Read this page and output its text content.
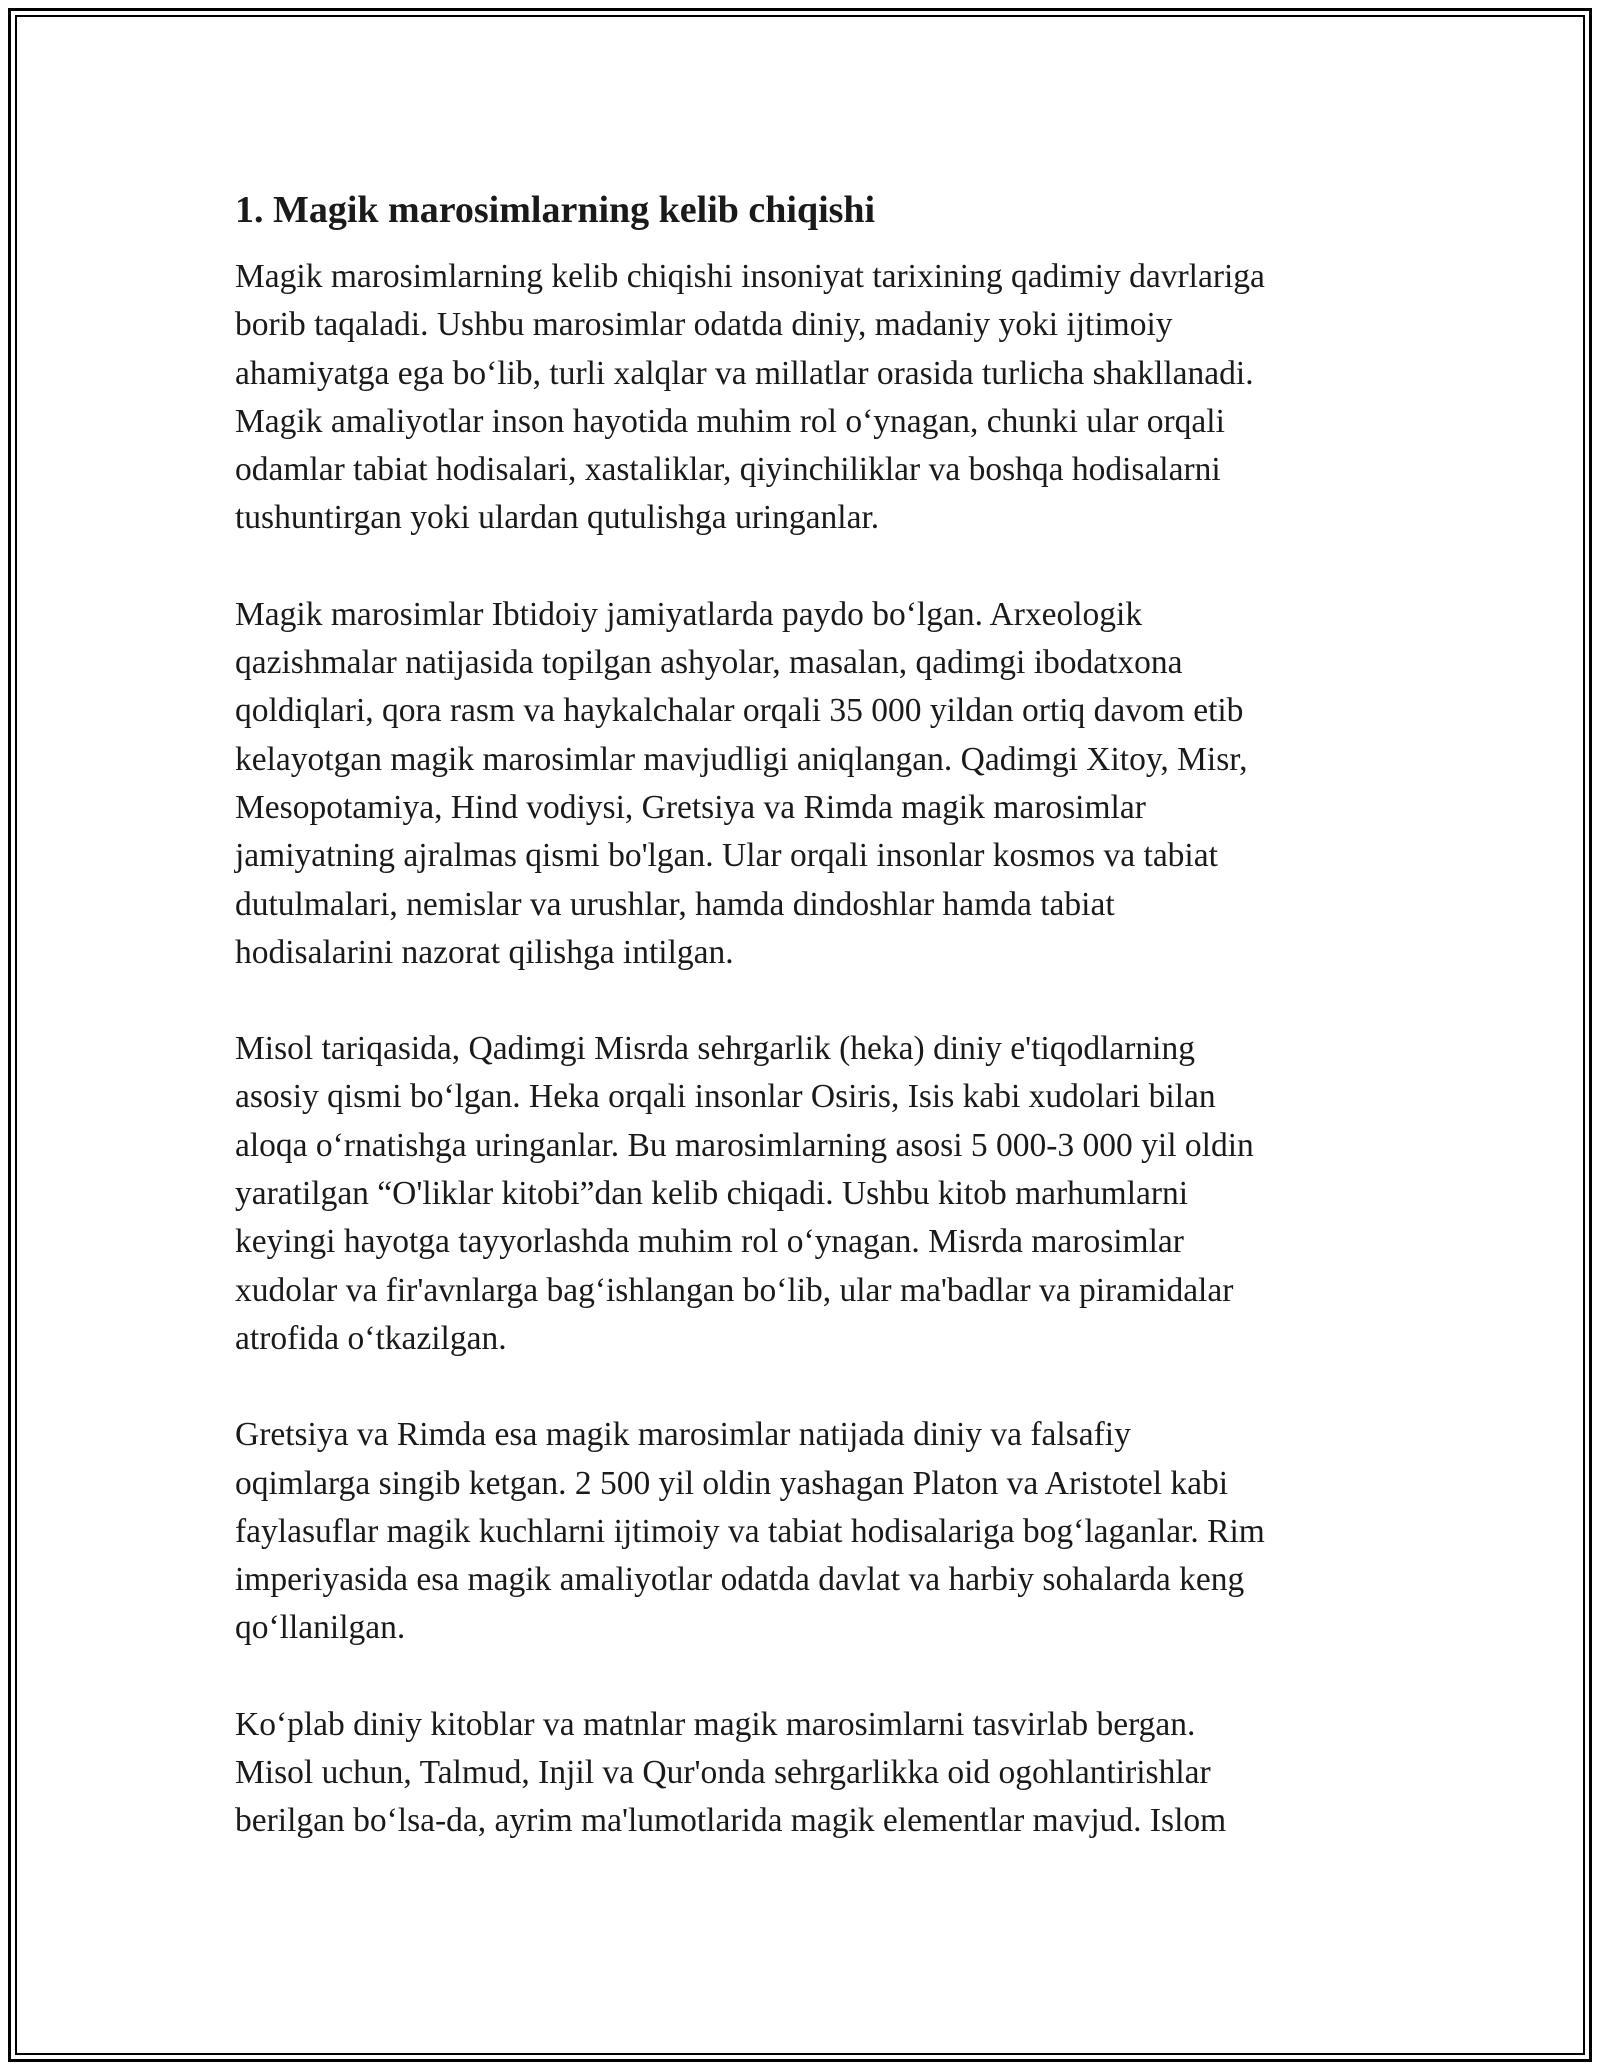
1. Magik marosimlarning kelib chiqishi

Magik marosimlarning kelib chiqishi insoniyat tarixining qadimiy davrlariga
borib taqaladi. Ushbu marosimlar odatda diniy, madaniy yoki ijtimoiy
ahamiyatga ega bo‘lib, turli xalqlar va millatlar orasida turlicha shakllanadi.
Magik amaliyotlar inson hayotida muhim rol o‘ynagan, chunki ular orqali
odamlar tabiat hodisalari, xastaliklar, qiyinchiliklar va boshqa hodisalarni
tushuntirgan yoki ulardan qutulishga uringanlar.

Magik marosimlar Ibtidoiy jamiyatlarda paydo bo‘lgan. Arxeologik
qazishmalar natijasida topilgan ashyolar, masalan, qadimgi ibodatxona
qoldiqlari, qora rasm va haykalchalar orqali 35 000 yildan ortiq davom etib
kelayotgan magik marosimlar mavjudligi aniqlangan. Qadimgi Xitoy, Misr,
Mesopotamiya, Hind vodiysi, Gretsiya va Rimda magik marosimlar
jamiyatning ajralmas qismi bo'lgan. Ular orqali insonlar kosmos va tabiat
dutulmalari, nemislar va urushlar, hamda dindoshlar hamda tabiat
hodisalarini nazorat qilishga intilgan.

Misol tariqasida, Qadimgi Misrda sehrgarlik (heka) diniy e'tiqodlarning
asosiy qismi bo‘lgan. Heka orqali insonlar Osiris, Isis kabi xudolari bilan
aloqa o‘rnatishga uringanlar. Bu marosimlarning asosi 5 000-3 000 yil oldin
yaratilgan “O'liklar kitobi”dan kelib chiqadi. Ushbu kitob marhumlarni
keyingi hayotga tayyorlashda muhim rol o‘ynagan. Misrda marosimlar
xudolar va fir'avnlarga bag‘ishlangan bo‘lib, ular ma'badlar va piramidalar
atrofida o‘tkazilgan.

Gretsiya va Rimda esa magik marosimlar natijada diniy va falsafiy
oqimlarga singib ketgan. 2 500 yil oldin yashagan Platon va Aristotel kabi
faylasuflar magik kuchlarni ijtimoiy va tabiat hodisalariga bog‘laganlar. Rim
imperiyasida esa magik amaliyotlar odatda davlat va harbiy sohalarda keng
qo‘llanilgan.

Ko‘plab diniy kitoblar va matnlar magik marosimlarni tasvirlab bergan.
Misol uchun, Talmud, Injil va Qur'onda sehrgarlikka oid ogohlantirishlar
berilgan bo‘lsa-da, ayrim ma'lumotlarida magik elementlar mavjud. Islom
